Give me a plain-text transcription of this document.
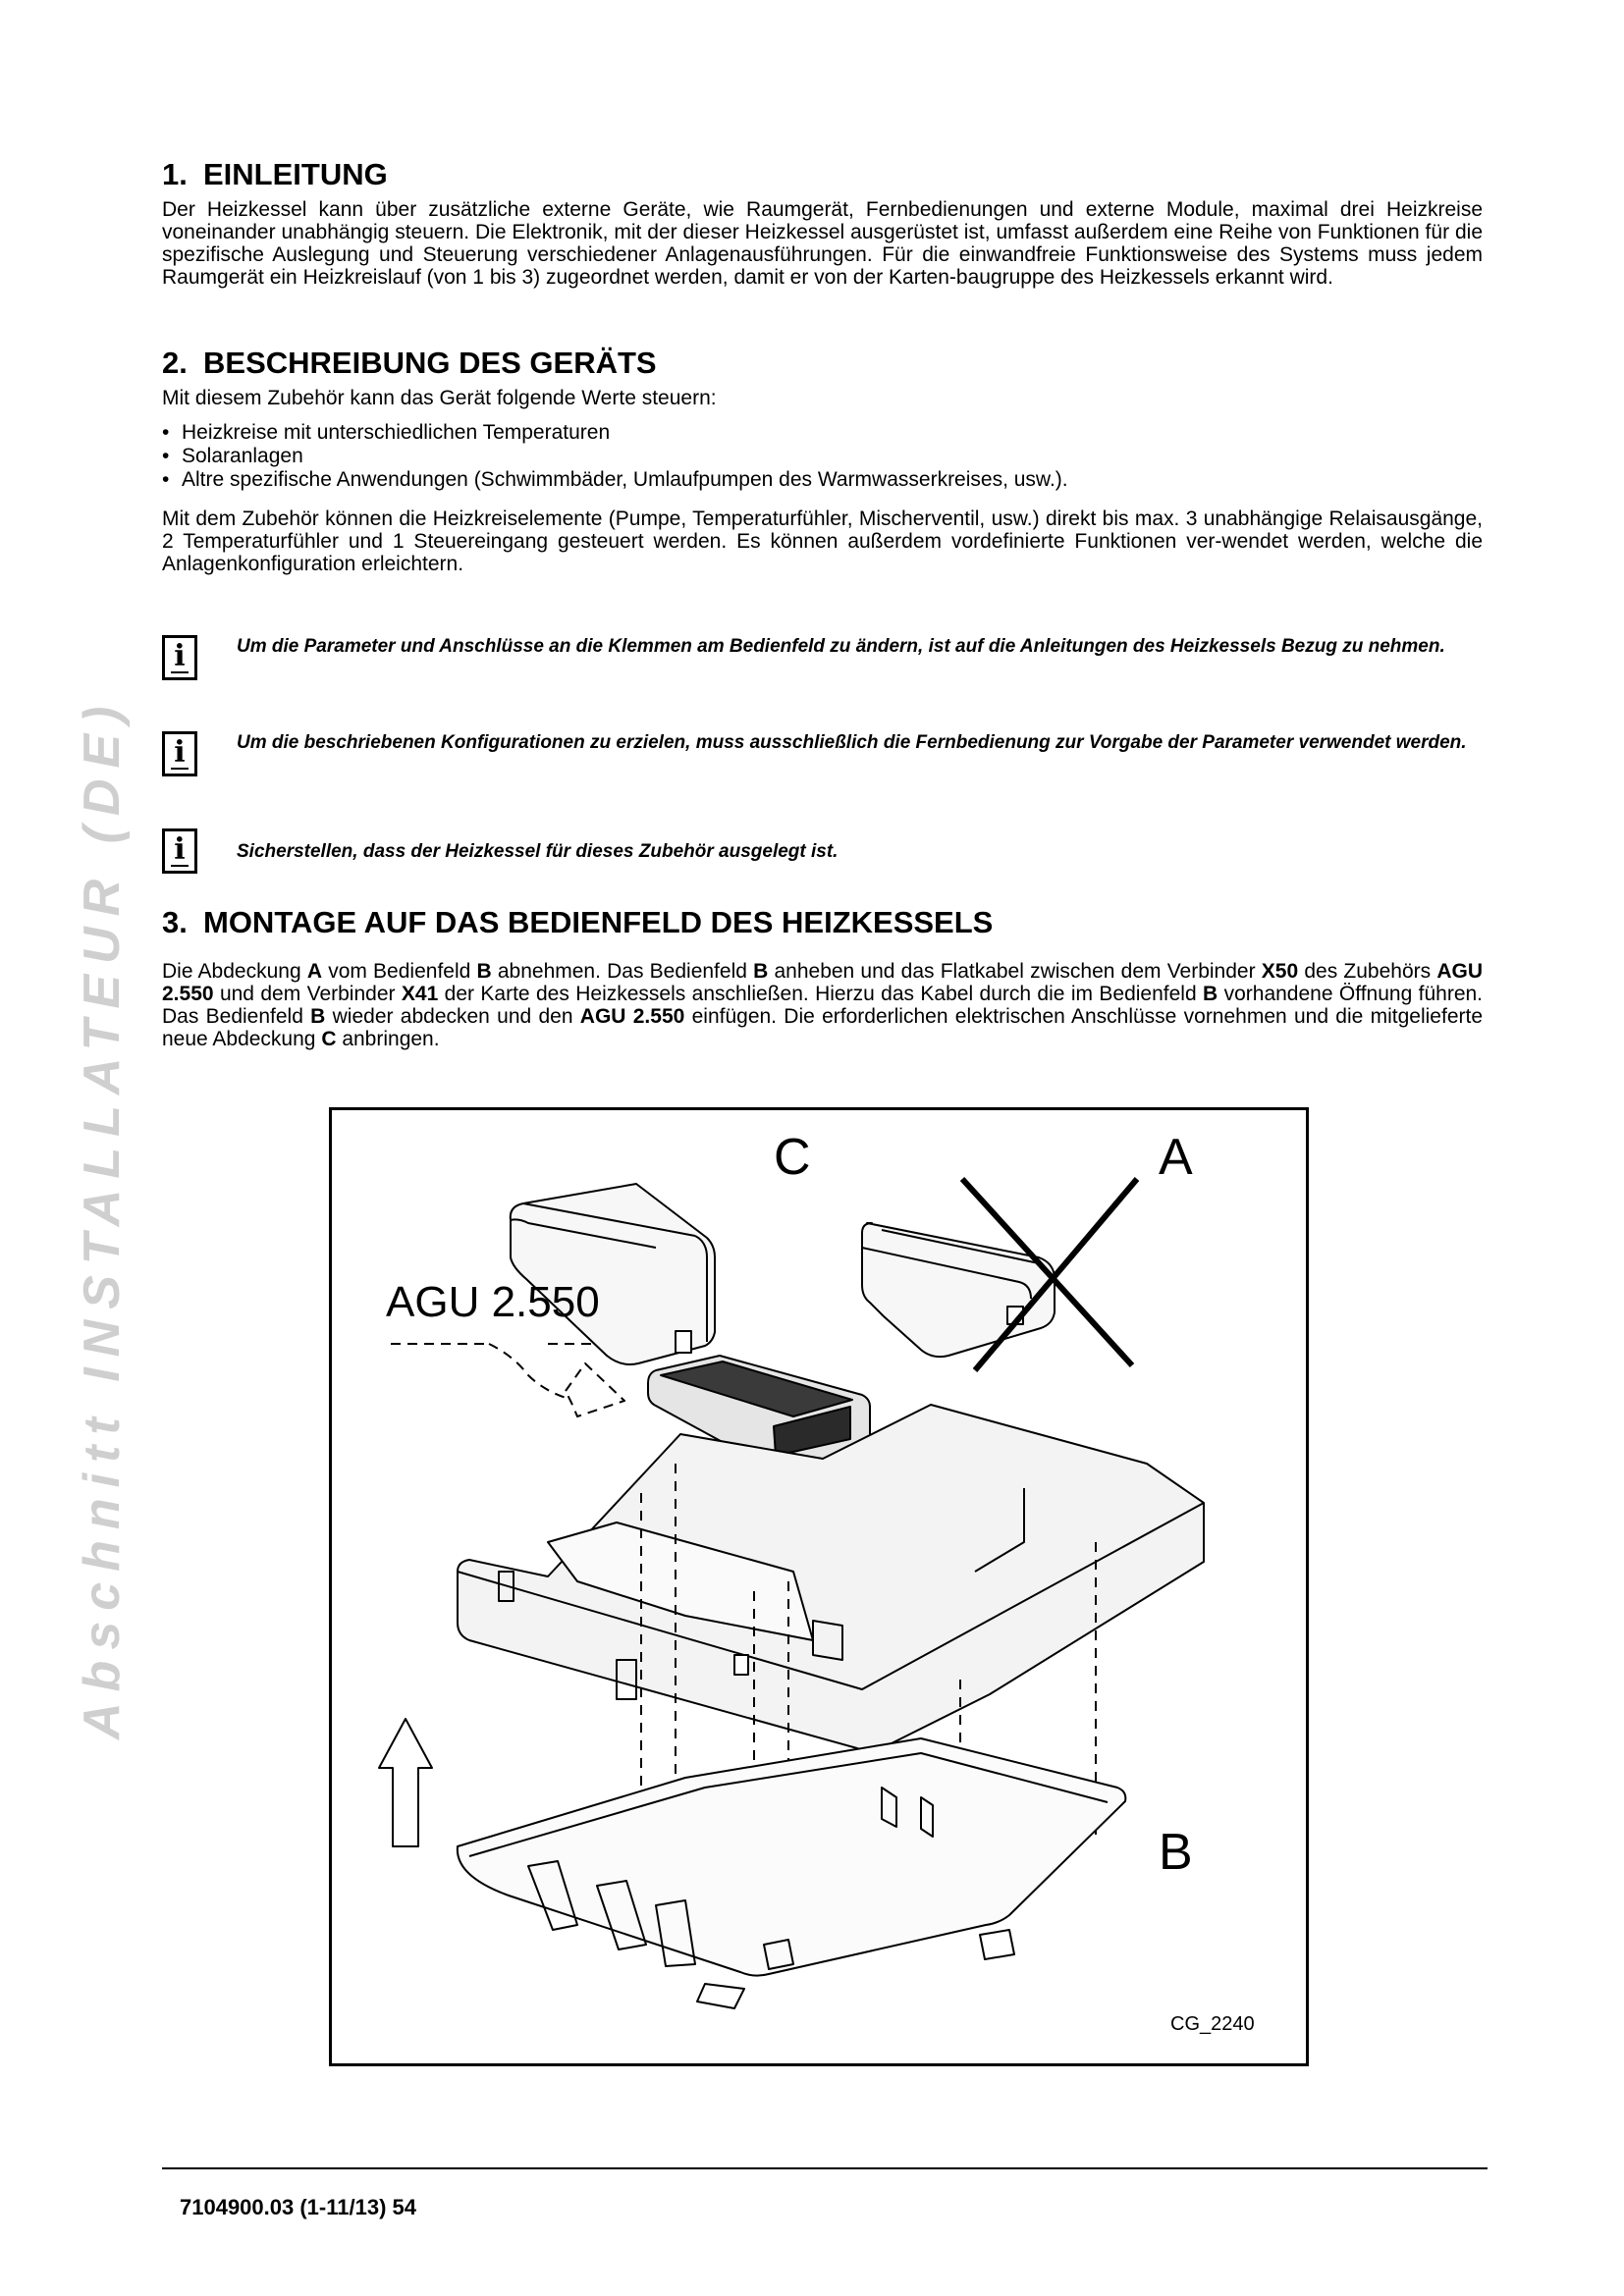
Abschnitt INSTALLATEUR (DE)
1. EINLEITUNG

Der Heizkessel kann über zusätzliche externe Geräte, wie Raumgerät, Fernbedienungen und externe Module, maximal drei Heizkreise voneinander unabhängig steuern. Die Elektronik, mit der dieser Heizkessel ausgerüstet ist, umfasst außerdem eine Reihe von Funktionen für die spezifische Auslegung und Steuerung verschiedener Anlagenausführungen. Für die einwandfreie Funktionsweise des Systems muss jedem Raumgerät ein Heizkreislauf (von 1 bis 3) zugeordnet werden, damit er von der Karten-baugruppe des Heizkessels erkannt wird.

2. BESCHREIBUNG DES GERÄTS

Mit diesem Zubehör kann das Gerät folgende Werte steuern:

• Heizkreise mit unterschiedlichen Temperaturen
• Solaranlagen
• Altre spezifische Anwendungen (Schwimmbäder, Umlaufpumpen des Warmwasserkreises, usw.).

Mit dem Zubehör können die Heizkreiselemente (Pumpe, Temperaturfühler, Mischerventil, usw.) direkt bis max. 3 unabhängige Relaisausgänge, 2 Temperaturfühler und 1 Steuereingang gesteuert werden. Es können außerdem vordefinierte Funktionen ver-wendet werden, welche die Anlagenkonfiguration erleichtern.

i	Um die Parameter und Anschlüsse an die Klemmen am Bedienfeld zu ändern, ist auf die Anleitungen des Heizkessels Bezug zu nehmen.
i	Um die beschriebenen Konfigurationen zu erzielen, muss ausschließlich die Fernbedienung zur Vorgabe der Parameter verwendet werden.
i	Sicherstellen, dass der Heizkessel für dieses Zubehör ausgelegt ist.
3. MONTAGE AUF DAS BEDIENFELD DES HEIZKESSELS

Die Abdeckung A vom Bedienfeld B abnehmen. Das Bedienfeld B anheben und das Flatkabel zwischen dem Verbinder X50 des Zubehörs AGU 2.550 und dem Verbinder X41 der Karte des Heizkessels anschließen. Hierzu das Kabel durch die im Bedienfeld B vorhandene Öffnung führen. Das Bedienfeld B wieder abdecken und den AGU 2.550 einfügen. Die erforderlichen elektrischen Anschlüsse vornehmen und die mitgelieferte neue Abdeckung C anbringen.

C	A
B
AGU 2.550
CG_2240
7104900.03 (1-11/13) 54
